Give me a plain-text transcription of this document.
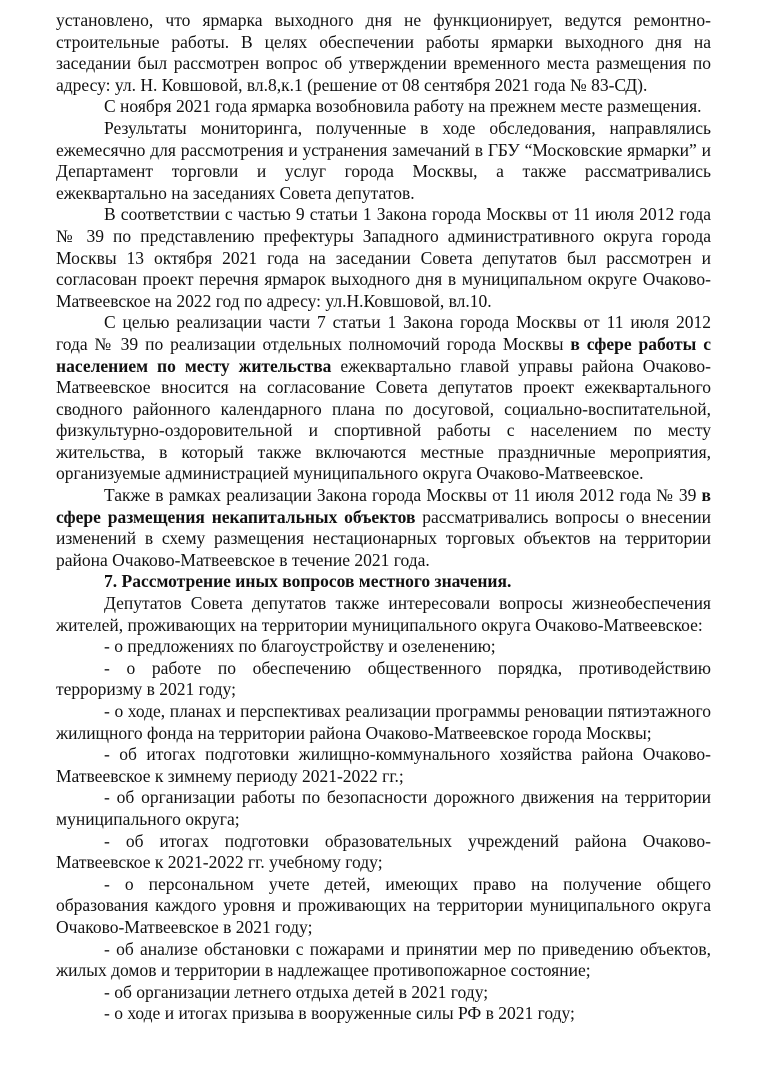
установлено, что ярмарка выходного дня не функционирует, ведутся ремонтно-строительные работы. В целях обеспечении работы ярмарки выходного дня на заседании был рассмотрен вопрос об утверждении временного места размещения по адресу: ул. Н. Ковшовой, вл.8,к.1 (решение от 08 сентября 2021 года № 83-СД).

С ноября 2021 года ярмарка возобновила работу на прежнем месте размещения.

Результаты мониторинга, полученные в ходе обследования, направлялись ежемесячно для рассмотрения и устранения замечаний в ГБУ “Московские ярмарки” и Департамент торговли и услуг города Москвы, а также рассматривались ежеквартально на заседаниях Совета депутатов.

В соответствии с частью 9 статьи 1 Закона города Москвы от 11 июля 2012 года № 39 по представлению префектуры Западного административного округа города Москвы 13 октября 2021 года на заседании Совета депутатов был рассмотрен и согласован проект перечня ярмарок выходного дня в муниципальном округе Очаково-Матвеевское на 2022 год по адресу: ул.Н.Ковшовой, вл.10.

С целью реализации части 7 статьи 1 Закона города Москвы от 11 июля 2012 года № 39 по реализации отдельных полномочий города Москвы в сфере работы с населением по месту жительства ежеквартально главой управы района Очаково-Матвеевское вносится на согласование Совета депутатов проект ежеквартального сводного районного календарного плана по досуговой, социально-воспитательной, физкультурно-оздоровительной и спортивной работы с населением по месту жительства, в который также включаются местные праздничные мероприятия, организуемые администрацией муниципального округа Очаково-Матвеевское.

Также в рамках реализации Закона города Москвы от 11 июля 2012 года № 39 в сфере размещения некапитальных объектов рассматривались вопросы о внесении изменений в схему размещения нестационарных торговых объектов на территории района Очаково-Матвеевское в течение 2021 года.

7. Рассмотрение иных вопросов местного значения.

Депутатов Совета депутатов также интересовали вопросы жизнеобеспечения жителей, проживающих на территории муниципального округа Очаково-Матвеевское:

- о предложениях по благоустройству и озеленению;

- о работе по обеспечению общественного порядка, противодействию терроризму в 2021 году;

- о ходе, планах и перспективах реализации программы реновации пятиэтажного жилищного фонда на территории района Очаково-Матвеевское города Москвы;

- об итогах подготовки жилищно-коммунального хозяйства района Очаково-Матвеевское к зимнему периоду 2021-2022 гг.;

- об организации работы по безопасности дорожного движения на территории муниципального округа;

- об итогах подготовки образовательных учреждений района Очаково-Матвеевское к 2021-2022 гг. учебному году;

- о персональном учете детей, имеющих право на получение общего образования каждого уровня и проживающих на территории муниципального округа Очаково-Матвеевское в 2021 году;

- об анализе обстановки с пожарами и принятии мер по приведению объектов, жилых домов и территории в надлежащее противопожарное состояние;

- об организации летнего отдыха детей в 2021 году;

- о ходе и итогах призыва в вооруженные силы РФ в 2021 году;
